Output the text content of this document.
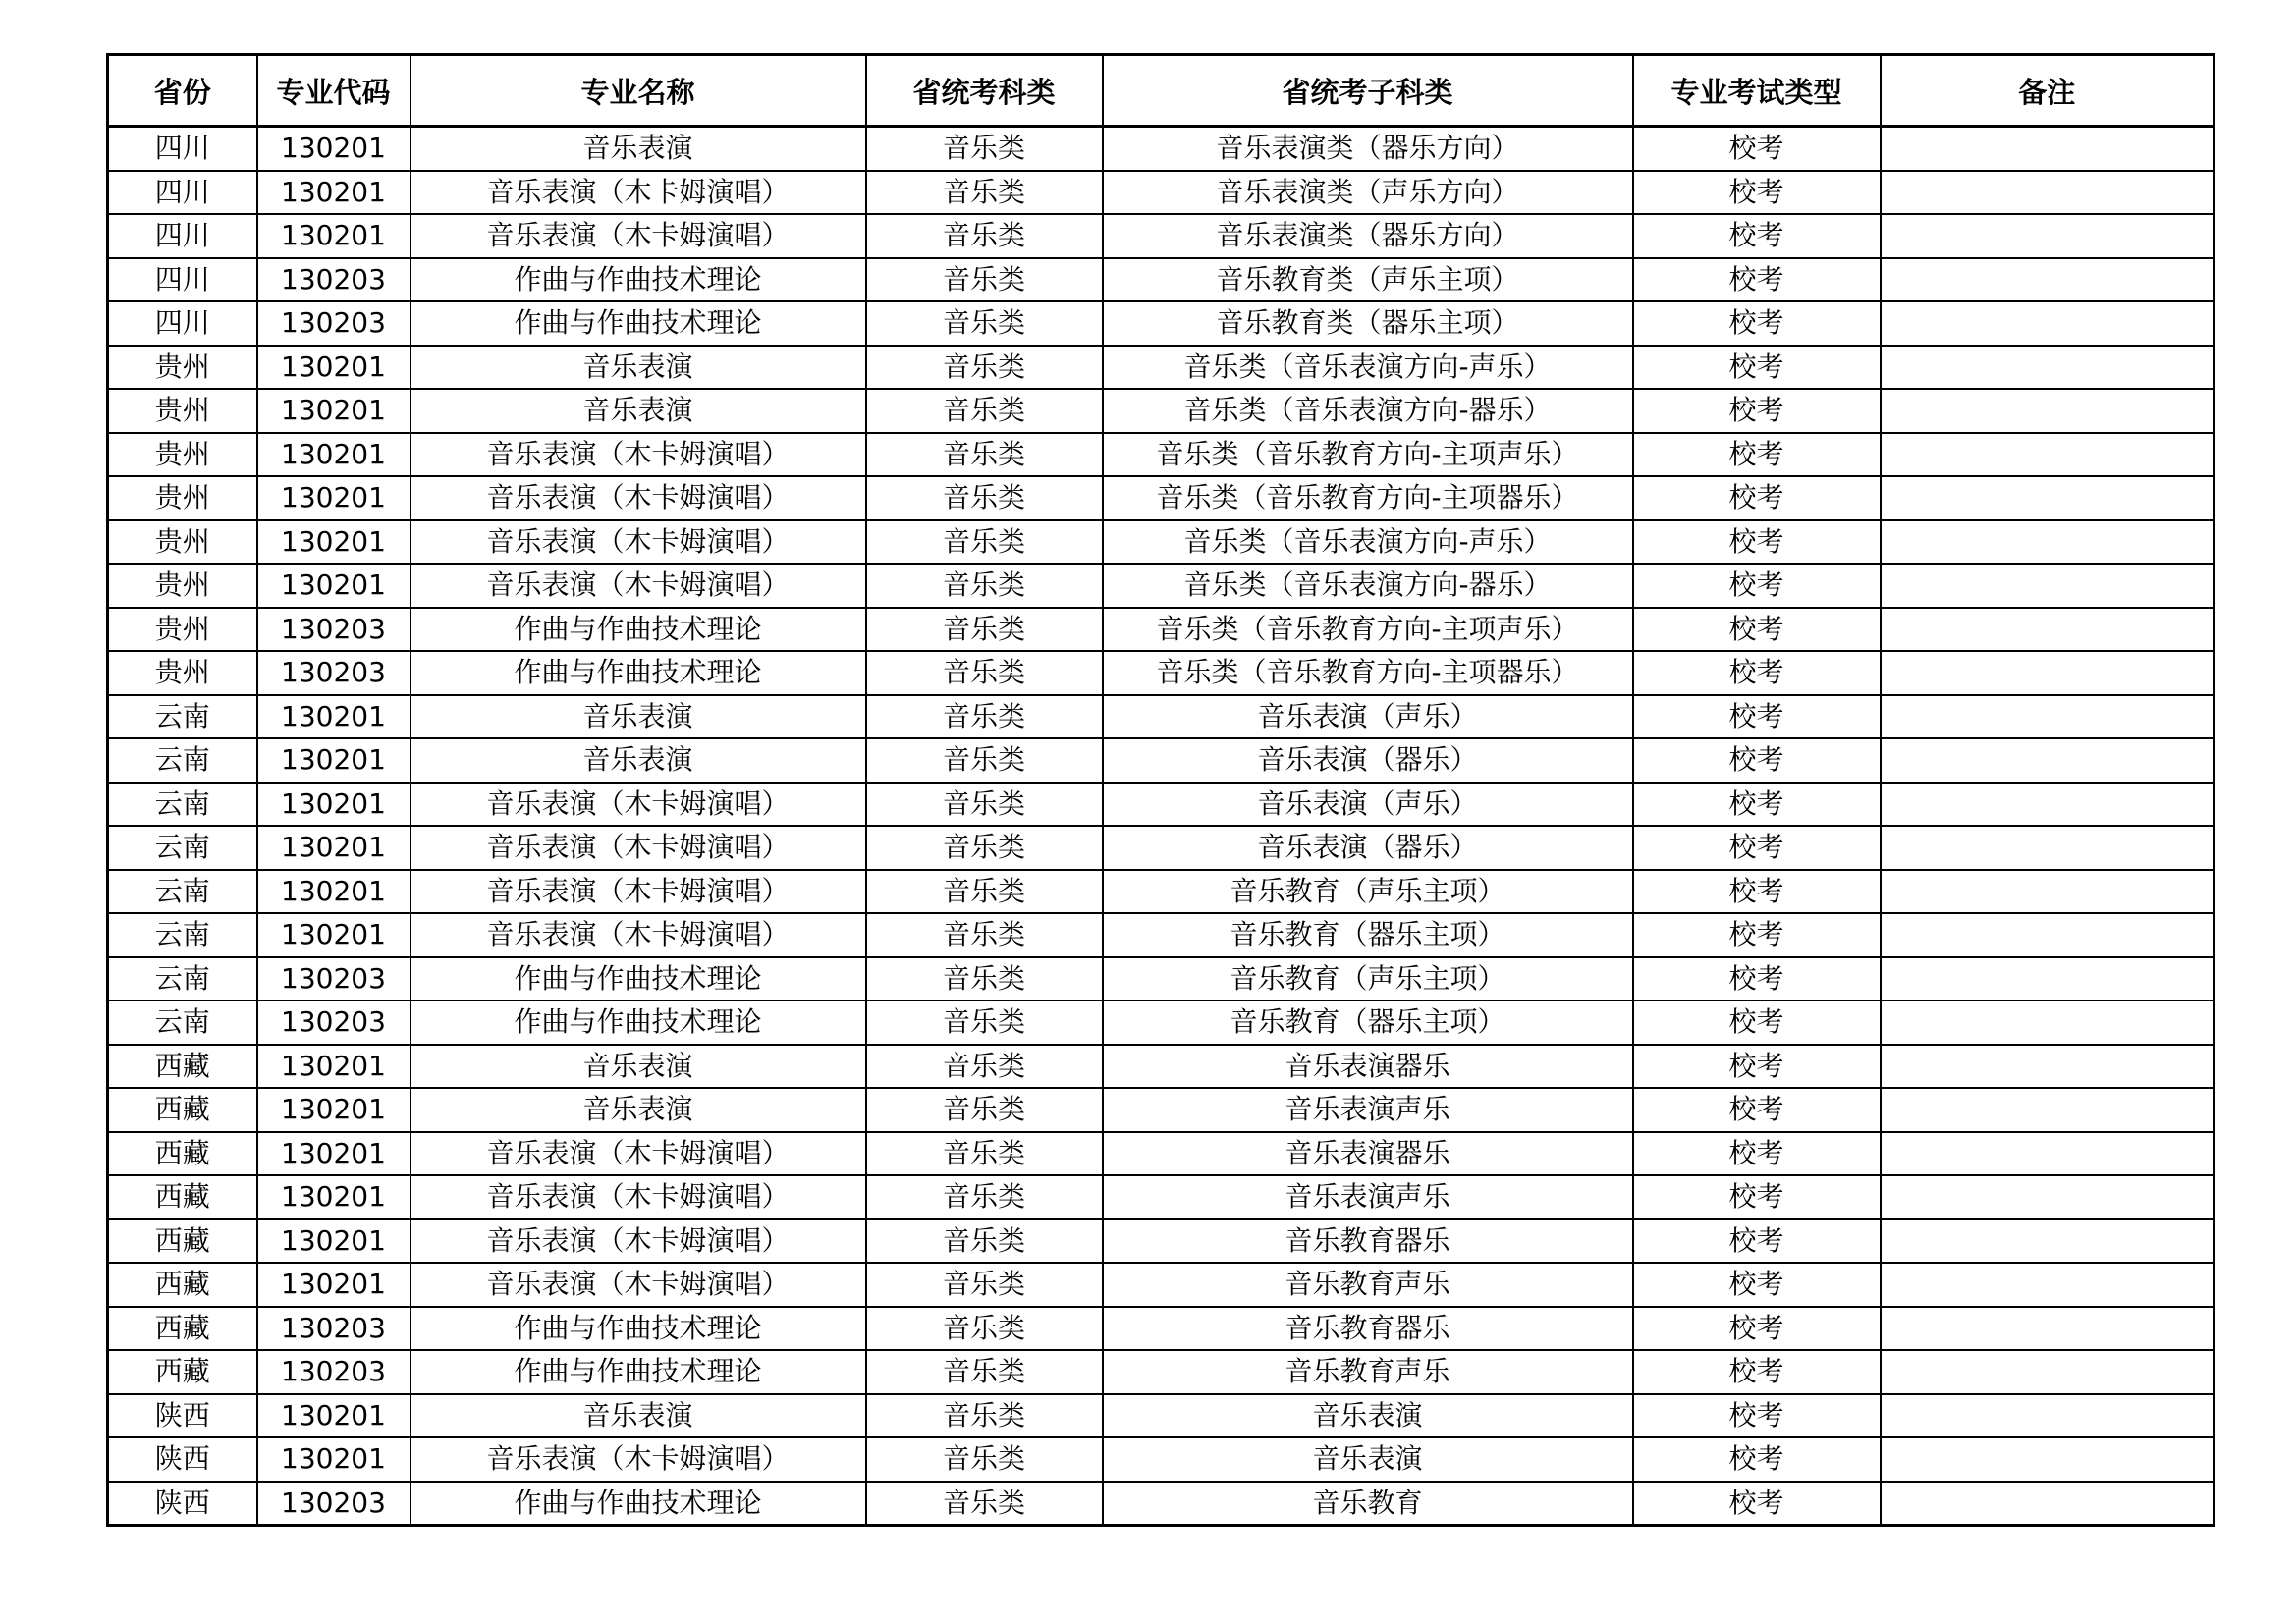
省份	专业代码	专业名称	省统考科类	省统考子科类	专业考试类型	备注
四川	130201	音乐表演	音乐类	音乐表演类（器乐方向）	校考	
四川	130201	音乐表演（木卡姆演唱）	音乐类	音乐表演类（声乐方向）	校考	
四川	130201	音乐表演（木卡姆演唱）	音乐类	音乐表演类（器乐方向）	校考	
四川	130203	作曲与作曲技术理论	音乐类	音乐教育类（声乐主项）	校考	
四川	130203	作曲与作曲技术理论	音乐类	音乐教育类（器乐主项）	校考	
贵州	130201	音乐表演	音乐类	音乐类（音乐表演方向-声乐）	校考	
贵州	130201	音乐表演	音乐类	音乐类（音乐表演方向-器乐）	校考	
贵州	130201	音乐表演（木卡姆演唱）	音乐类	音乐类（音乐教育方向-主项声乐）	校考	
贵州	130201	音乐表演（木卡姆演唱）	音乐类	音乐类（音乐教育方向-主项器乐）	校考	
贵州	130201	音乐表演（木卡姆演唱）	音乐类	音乐类（音乐表演方向-声乐）	校考	
贵州	130201	音乐表演（木卡姆演唱）	音乐类	音乐类（音乐表演方向-器乐）	校考	
贵州	130203	作曲与作曲技术理论	音乐类	音乐类（音乐教育方向-主项声乐）	校考	
贵州	130203	作曲与作曲技术理论	音乐类	音乐类（音乐教育方向-主项器乐）	校考	
云南	130201	音乐表演	音乐类	音乐表演（声乐）	校考	
云南	130201	音乐表演	音乐类	音乐表演（器乐）	校考	
云南	130201	音乐表演（木卡姆演唱）	音乐类	音乐表演（声乐）	校考	
云南	130201	音乐表演（木卡姆演唱）	音乐类	音乐表演（器乐）	校考	
云南	130201	音乐表演（木卡姆演唱）	音乐类	音乐教育（声乐主项）	校考	
云南	130201	音乐表演（木卡姆演唱）	音乐类	音乐教育（器乐主项）	校考	
云南	130203	作曲与作曲技术理论	音乐类	音乐教育（声乐主项）	校考	
云南	130203	作曲与作曲技术理论	音乐类	音乐教育（器乐主项）	校考	
西藏	130201	音乐表演	音乐类	音乐表演器乐	校考	
西藏	130201	音乐表演	音乐类	音乐表演声乐	校考	
西藏	130201	音乐表演（木卡姆演唱）	音乐类	音乐表演器乐	校考	
西藏	130201	音乐表演（木卡姆演唱）	音乐类	音乐表演声乐	校考	
西藏	130201	音乐表演（木卡姆演唱）	音乐类	音乐教育器乐	校考	
西藏	130201	音乐表演（木卡姆演唱）	音乐类	音乐教育声乐	校考	
西藏	130203	作曲与作曲技术理论	音乐类	音乐教育器乐	校考	
西藏	130203	作曲与作曲技术理论	音乐类	音乐教育声乐	校考	
陕西	130201	音乐表演	音乐类	音乐表演	校考	
陕西	130201	音乐表演（木卡姆演唱）	音乐类	音乐表演	校考	
陕西	130203	作曲与作曲技术理论	音乐类	音乐教育	校考	
